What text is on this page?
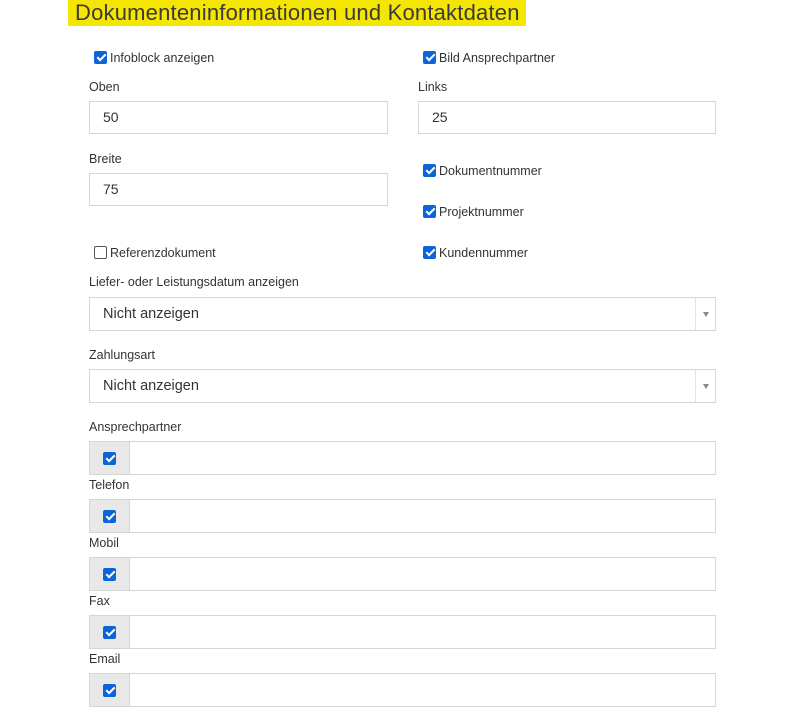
Dokumenteninformationen und Kontaktdaten
Infoblock anzeigen	Bild Ansprechpartner
Oben
50
Links
25
Breite
75
Dokumentnummer
Projektnummer
Referenzdokument	Kundennummer
Liefer- oder Leistungsdatum anzeigen
Nicht anzeigen
Zahlungsart
Nicht anzeigen
Ansprechpartner
Telefon
Mobil
Fax
Email
